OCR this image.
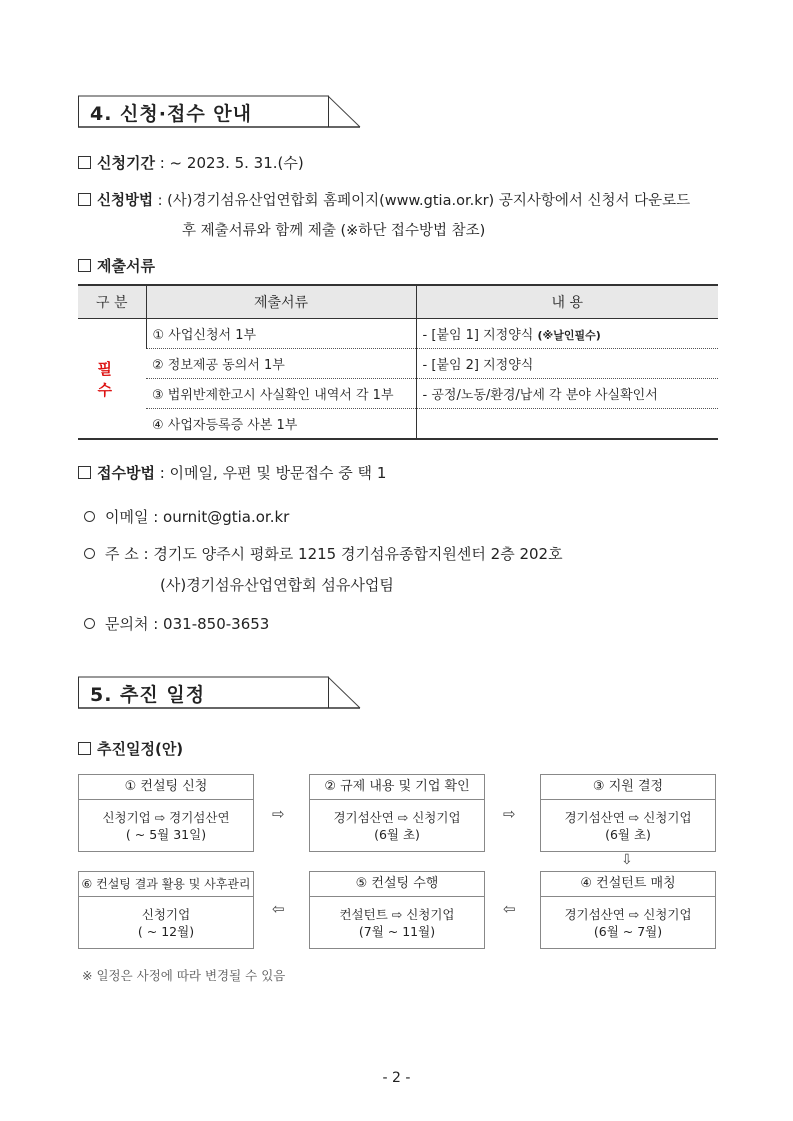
4. 신청·접수 안내
신청기간 : ~ 2023. 5. 31.(수)
신청방법 : (사)경기섬유산업연합회 홈페이지(www.gtia.or.kr) 공지사항에서 신청서 다운로드
후 제출서류와 함께 제출 (※하단 접수방법 참조)
제출서류
구 분	제출서류	내 용
필수	① 사업신청서 1부	- [붙임 1] 지정양식 (※날인필수)
	② 정보제공 동의서 1부	- [붙임 2] 지정양식
	③ 법위반제한고시 사실확인 내역서 각 1부	- 공정/노동/환경/납세 각 분야 사실확인서
	④ 사업자등록증 사본 1부	
접수방법 : 이메일, 우편 및 방문접수 중 택 1
이메일 : ournit@gtia.or.kr
주 소 : 경기도 양주시 평화로 1215 경기섬유종합지원센터 2층 202호
(사)경기섬유산업연합회 섬유사업팀
문의처 : 031-850-3653
5. 추진 일정
추진일정(안)
① 컨설팅 신청
신청기업 ⇨ 경기섬산연
( ~ 5월 31일)
⇨
② 규제 내용 및 기업 확인
경기섬산연 ⇨ 신청기업
(6월 초)
⇨
③ 지원 결정
경기섬산연 ⇨ 신청기업
(6월 초)
⇩
⑥ 컨설팅 결과 활용 및 사후관리
신청기업
( ~ 12월)
⇦
⑤ 컨설팅 수행
컨설턴트 ⇨ 신청기업
(7월 ~ 11월)
⇦
④ 컨설턴트 매칭
경기섬산연 ⇨ 신청기업
(6월 ~ 7월)
※ 일정은 사정에 따라 변경될 수 있음
- 2 -
